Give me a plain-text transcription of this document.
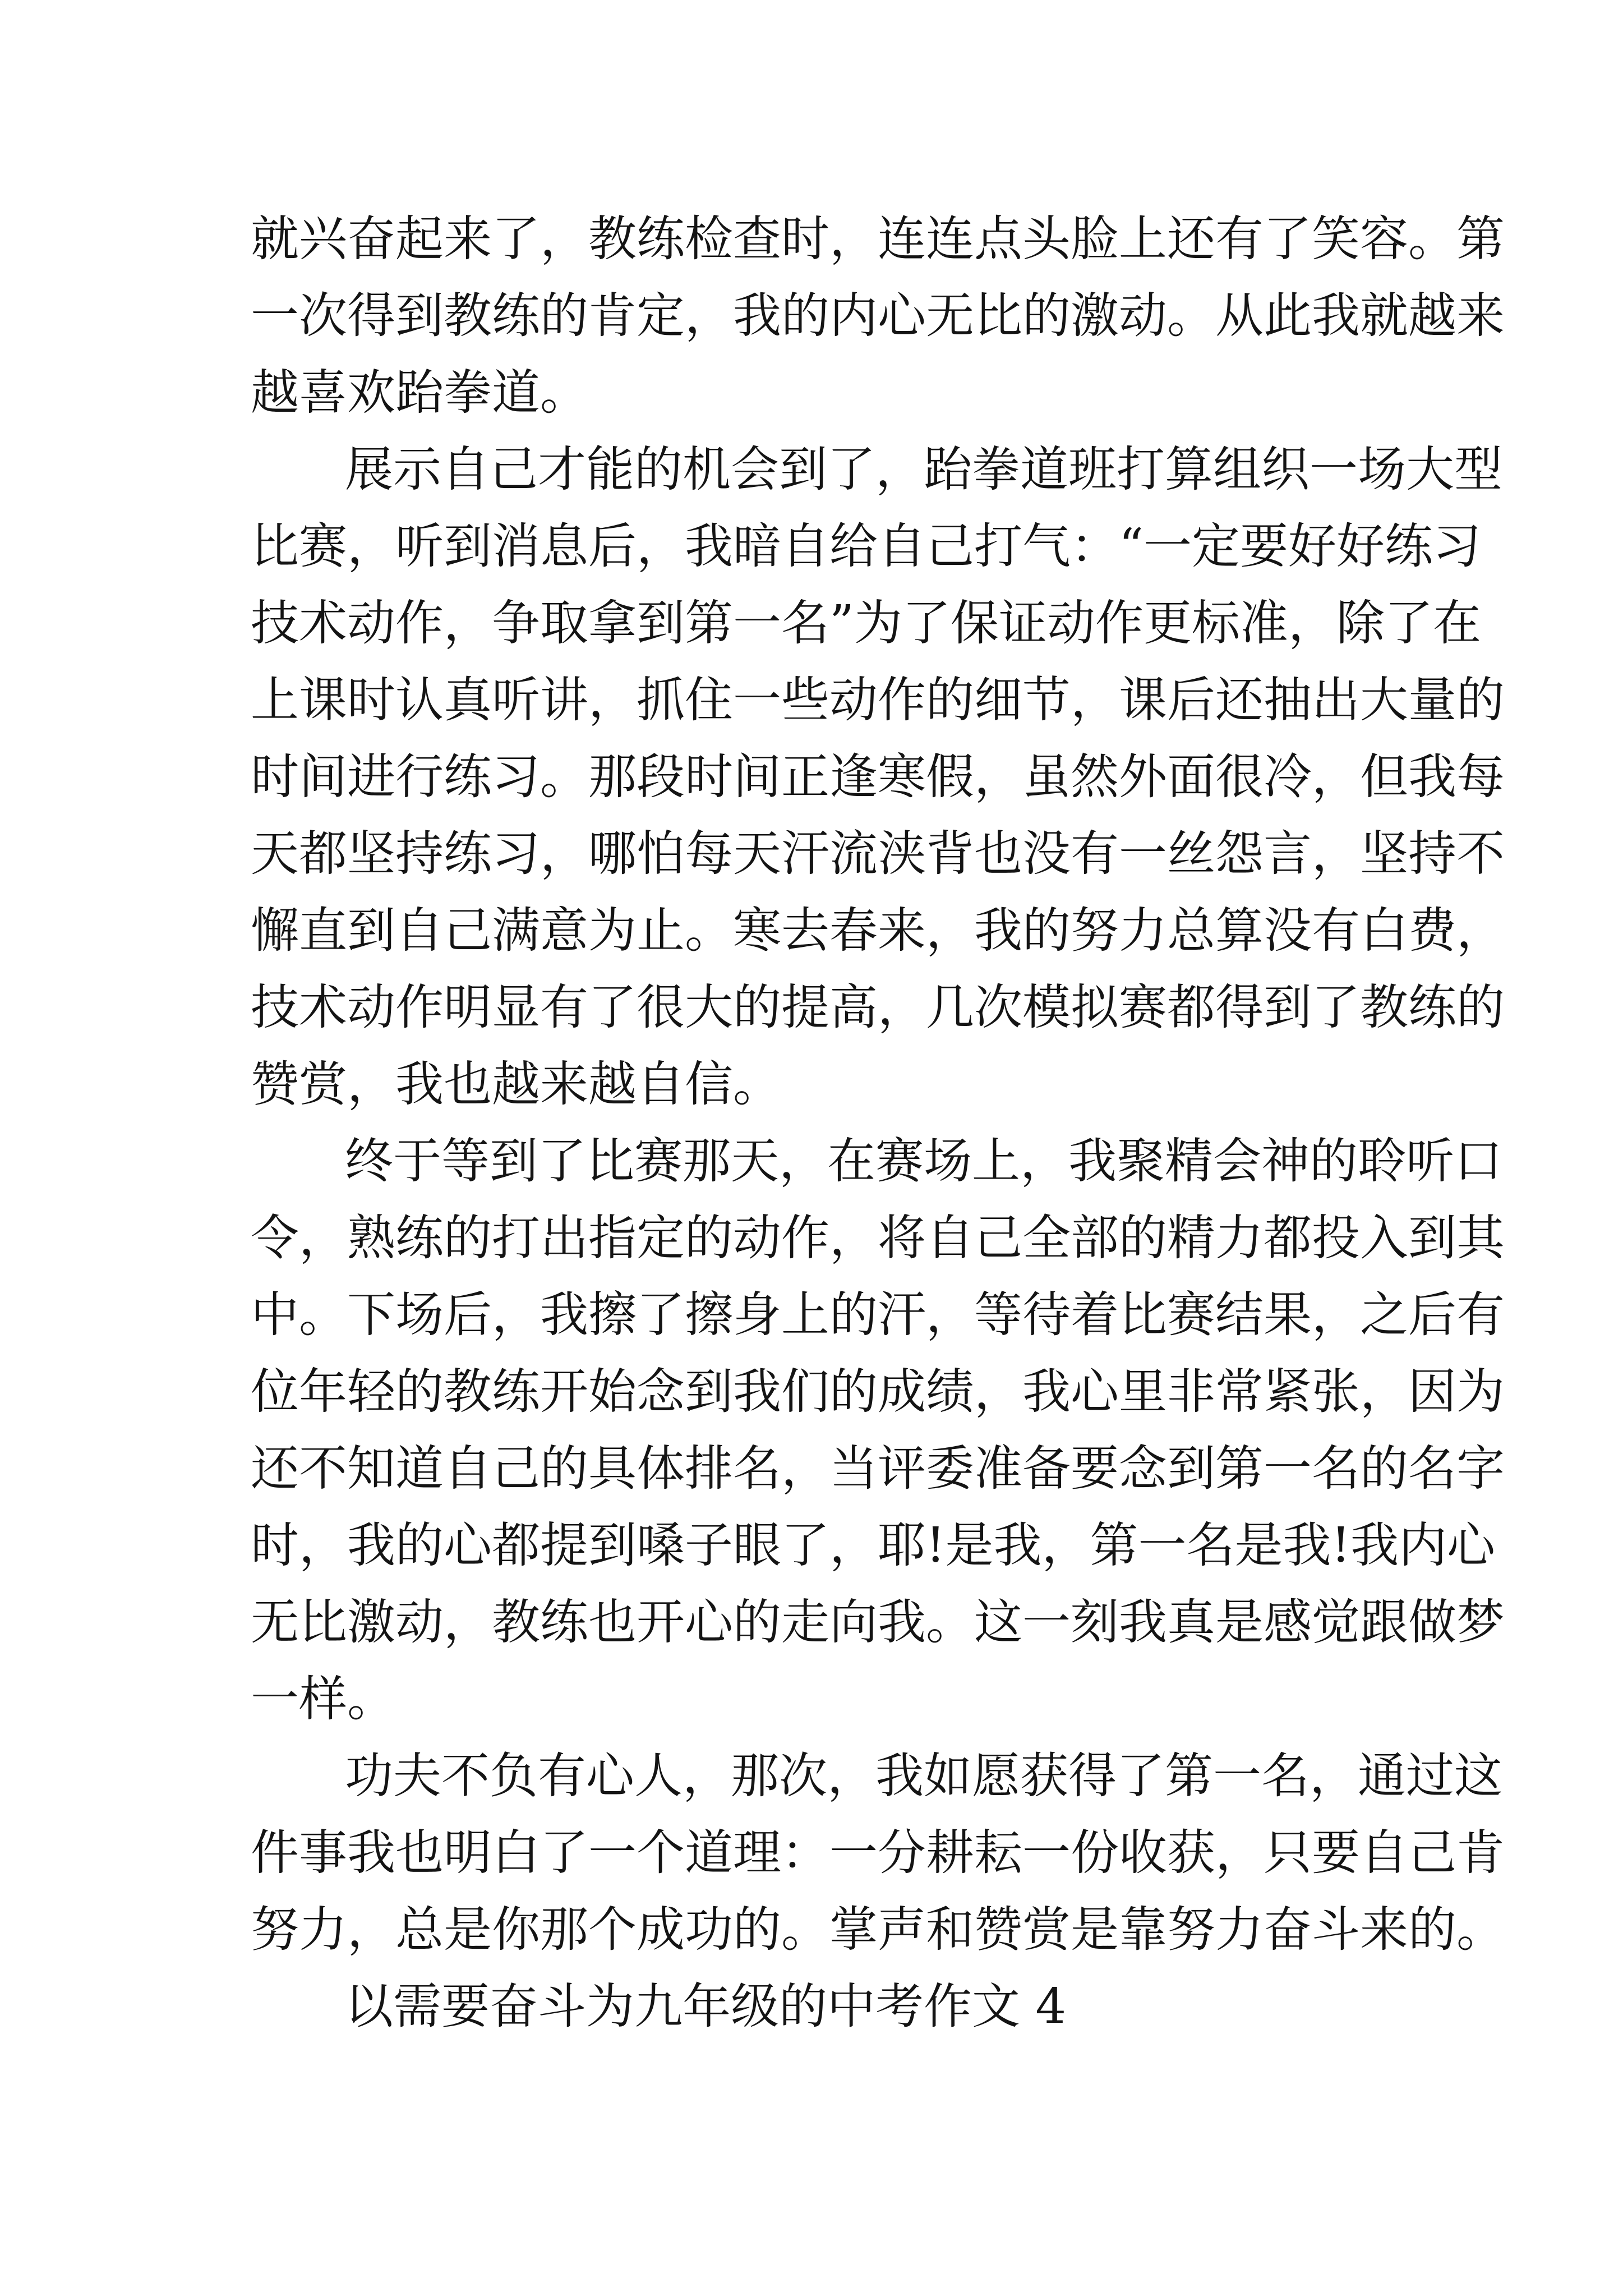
就兴奋起来了，教练检查时，连连点头脸上还有了笑容。第
一次得到教练的肯定，我的内心无比的激动。从此我就越来
越喜欢跆拳道。
展示自己才能的机会到了，跆拳道班打算组织一场大型
比赛，听到消息后，我暗自给自己打气：“一定要好好练习
技术动作，争取拿到第一名”为了保证动作更标准，除了在
上课时认真听讲，抓住一些动作的细节，课后还抽出大量的
时间进行练习。那段时间正逢寒假，虽然外面很冷，但我每
天都坚持练习，哪怕每天汗流浃背也没有一丝怨言，坚持不
懈直到自己满意为止。寒去春来，我的努力总算没有白费，
技术动作明显有了很大的提高，几次模拟赛都得到了教练的
赞赏，我也越来越自信。
终于等到了比赛那天，在赛场上，我聚精会神的聆听口
令，熟练的打出指定的动作，将自己全部的精力都投入到其
中。下场后，我擦了擦身上的汗，等待着比赛结果，之后有
位年轻的教练开始念到我们的成绩，我心里非常紧张，因为
还不知道自己的具体排名，当评委准备要念到第一名的名字
时，我的心都提到嗓子眼了，耶!是我，第一名是我!我内心
无比激动，教练也开心的走向我。这一刻我真是感觉跟做梦
一样。
功夫不负有心人，那次，我如愿获得了第一名，通过这
件事我也明白了一个道理：一分耕耘一份收获，只要自己肯
努力，总是你那个成功的。掌声和赞赏是靠努力奋斗来的。
以需要奋斗为九年级的中考作文 4
